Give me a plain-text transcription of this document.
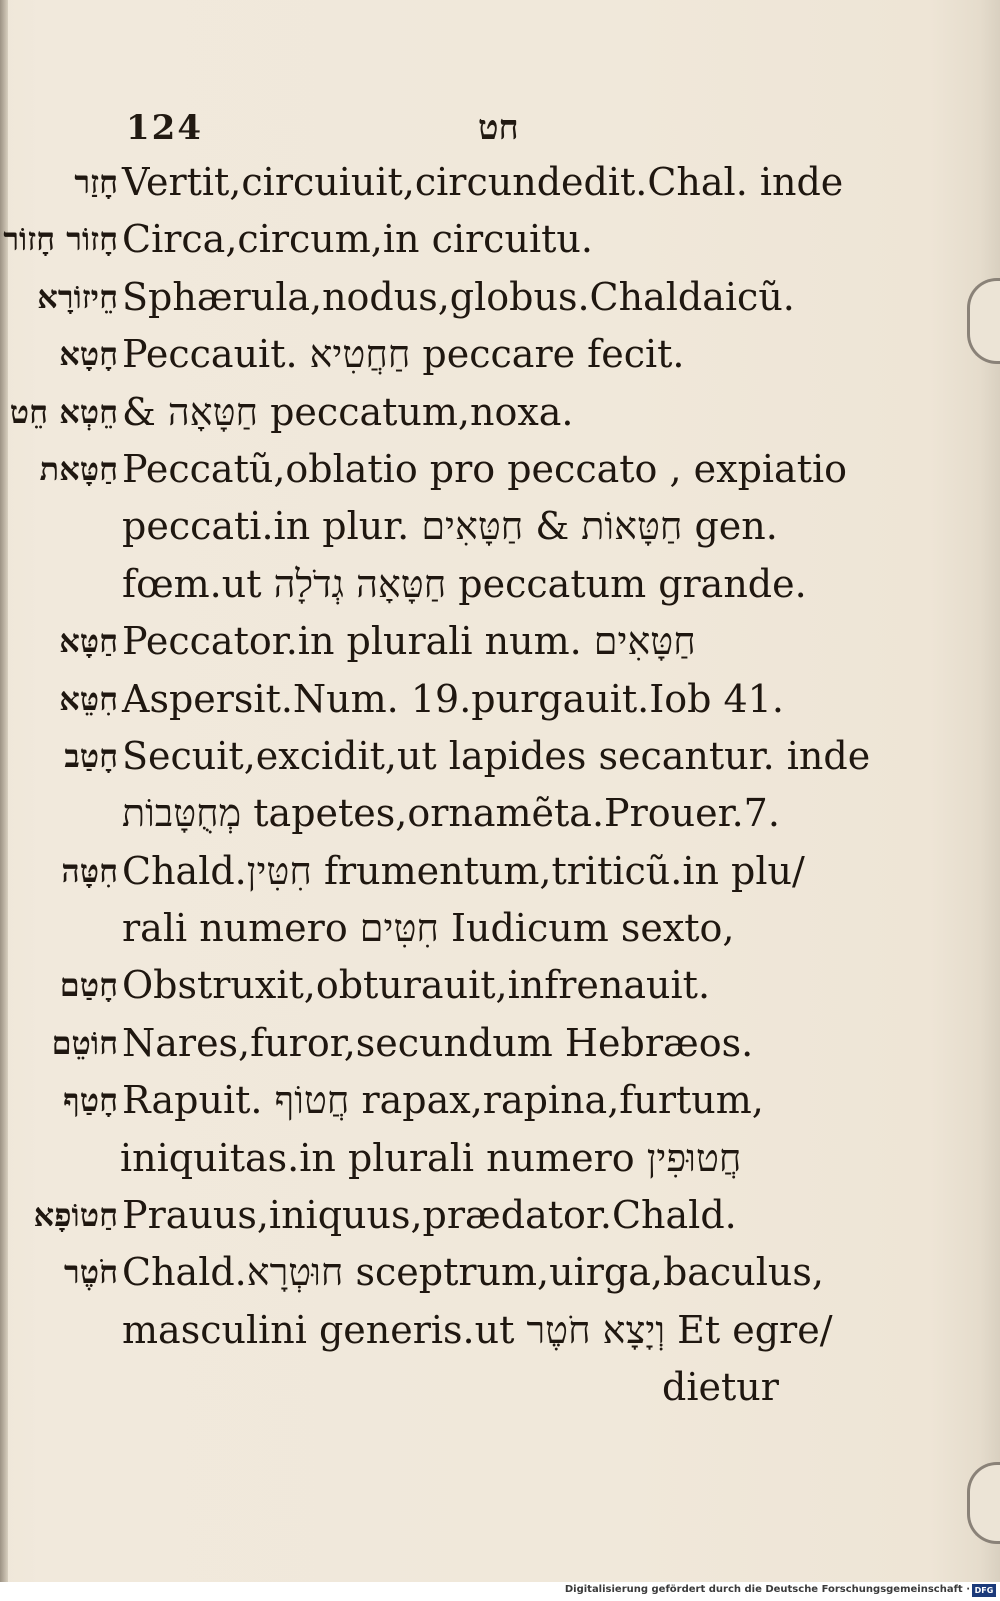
124	חט
חָזַר Vertit,circuiuit,circundedit.Chal. inde
חָזוֹר חָזוֹר Circa,circum,in circuitu.
חֵיזוֹרָא Sphærula,nodus,globus.Chaldaicũ.
חָטָא Peccauit. חַחֲטִיא peccare fecit.
חֵטְא חֵט & חַטָּאָה peccatum,noxa.
חַטָּאת Peccatũ,oblatio pro peccato , expiatio
peccati.in plur. חַטָּאוֹת & חַטָּאִים gen.
fœm.ut חַטָּאָה גְדֹלָה peccatum grande.
חַטָּא Peccator.in plurali num. חַטָּאִים
חִטֵּא Aspersit.Num. 19.purgauit.Iob 41.
חָטַב Secuit,excidit,ut lapides secantur. inde
מְחֻטָּבוֹת tapetes,ornamẽta.Prouer.7.
חִטָּה Chald.חִטִּין frumentum,triticũ.in plu/
rali numero חִטִּים Iudicum sexto,
חָטַם Obstruxit,obturauit,infrenauit.
חוֹטֵם Nares,furor,secundum Hebræos.
חָטַף Rapuit. חֲטוֹף rapax,rapina,furtum,
iniquitas.in plurali numero חֲטוּפִין
חַטוֹפָא Prauus,iniquus,prædator.Chald.
חֹטֶר Chald.חוּטְרָא sceptrum,uirga,baculus,
masculini generis.ut וְיָצָא חֹטֶר Et egre/
dietur
Digitalisierung gefördert durch die Deutsche Forschungsgemeinschaft · DFG
